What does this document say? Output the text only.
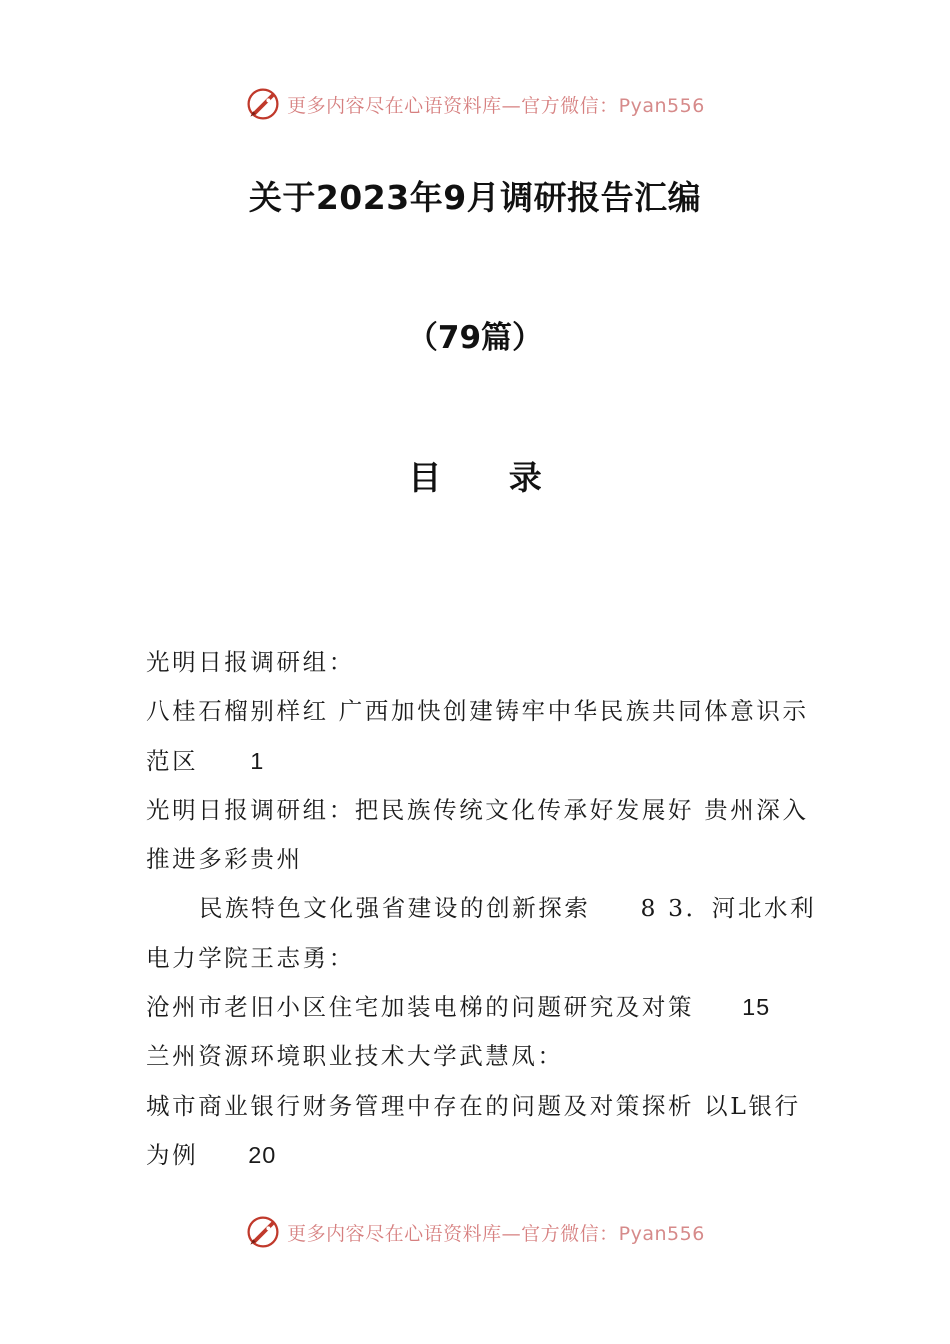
更多内容尽在心语资料库—官方微信：Pyan556
关于2023年9月调研报告汇编
（79篇）
目 录
光明日报调研组：
八桂石榴别样红 广西加快创建铸牢中华民族共同体意识示
范区 1
光明日报调研组：把民族传统文化传承好发展好 贵州深入
推进多彩贵州
民族特色文化强省建设的创新探索 8 3．河北水利
电力学院王志勇：
沧州市老旧小区住宅加装电梯的问题研究及对策 15
兰州资源环境职业技术大学武慧凤：
城市商业银行财务管理中存在的问题及对策探析 以L银行
为例 20
更多内容尽在心语资料库—官方微信：Pyan556
